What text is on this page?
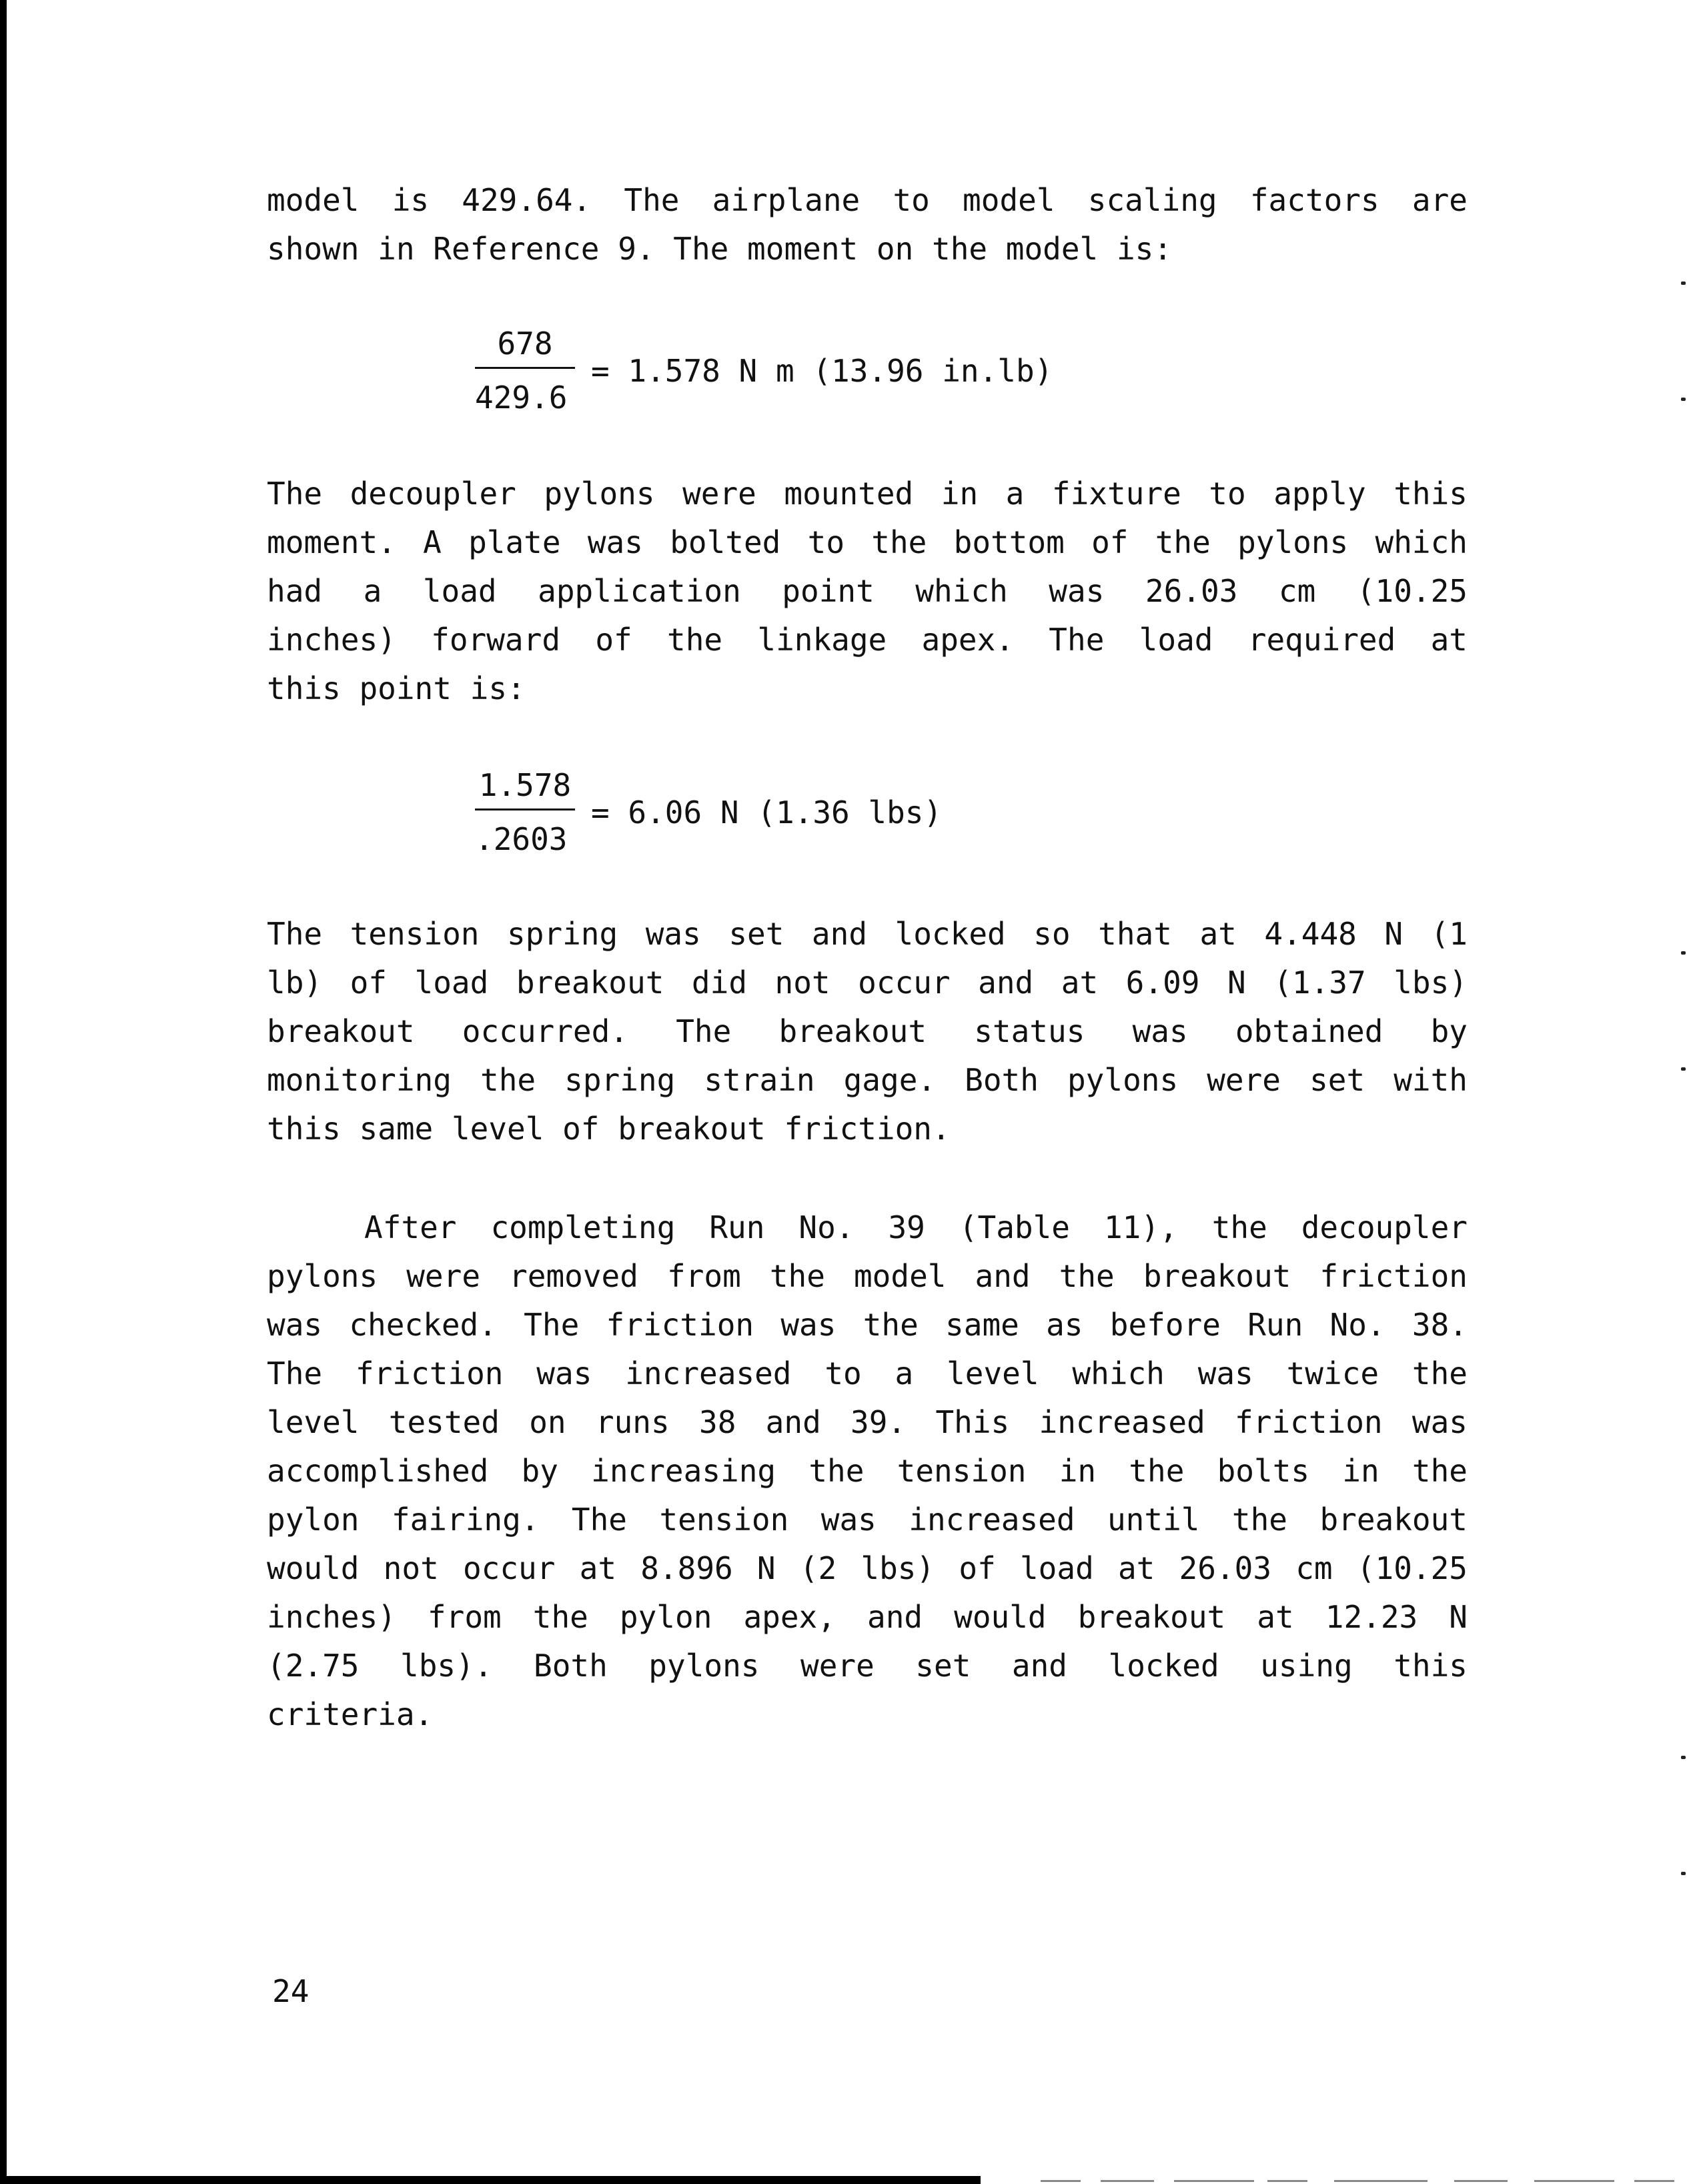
model is 429.64. The airplane to model scaling factors are
shown in Reference 9. The moment on the model is:
$\frac{678}{429.6} = 1.578$ N m (13.96 in.lb)
The decoupler pylons were mounted in a fixture to apply this
moment. A plate was bolted to the bottom of the pylons which
had a load application point which was 26.03 cm (10.25
inches) forward of the linkage apex. The load required at
this point is:
$\frac{1.578}{.2603} = 6.06$ N (1.36 lbs)
The tension spring was set and locked so that at 4.448 N (1
lb) of load breakout did not occur and at 6.09 N (1.37 lbs)
breakout occurred. The breakout status was obtained by
monitoring the spring strain gage. Both pylons were set with
this same level of breakout friction.
After completing Run No. 39 (Table 11), the decoupler
pylons were removed from the model and the breakout friction
was checked. The friction was the same as before Run No. 38.
The friction was increased to a level which was twice the
level tested on runs 38 and 39. This increased friction was
accomplished by increasing the tension in the bolts in the
pylon fairing. The tension was increased until the breakout
would not occur at 8.896 N (2 lbs) of load at 26.03 cm (10.25
inches) from the pylon apex, and would breakout at 12.23 N
(2.75 lbs). Both pylons were set and locked using this
criteria.
24
